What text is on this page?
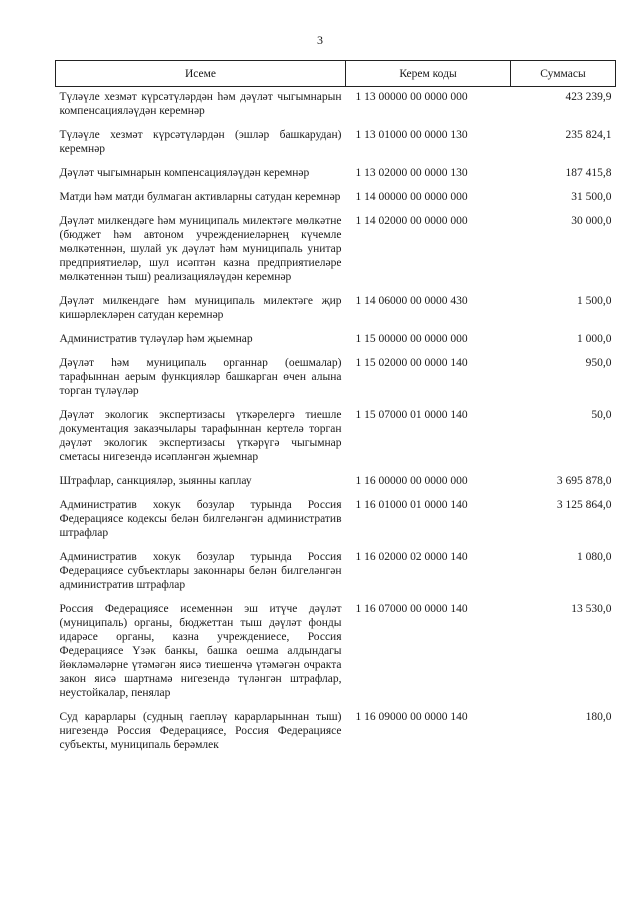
3
Исеме	Керем коды	Суммасы
Түләүле хезмәт күрсәтүләрдән һәм дәүләт чыгымнарын компенсацияләүдән керемнәр	1 13 00000 00 0000 000	423 239,9
Түләүле хезмәт күрсәтүләрдән (эшләр башкарудан) керемнәр	1 13 01000 00 0000 130	235 824,1
Дәүләт чыгымнарын компенсацияләүдән керемнәр	1 13 02000 00 0000 130	187 415,8
Матди һәм матди булмаган активларны сатудан керемнәр	1 14 00000 00 0000 000	31 500,0
Дәүләт милкендәге һәм муниципаль милектәге мөлкәтне (бюджет һәм автоном учреждениеләрнең күчемле мөлкәтеннән, шулай ук дәүләт һәм муниципаль унитар предприятиеләр, шул исәптән казна предприятиеләре мөлкәтеннән тыш) реализацияләүдән керемнәр	1 14 02000 00 0000 000	30 000,0
Дәүләт милкендәге һәм муниципаль милектәге җир кишәрлекләрен сатудан керемнәр	1 14 06000 00 0000 430	1 500,0
Административ түләүләр һәм җыемнар	1 15 00000 00 0000 000	1 000,0
Дәүләт һәм муниципаль органнар (оешмалар) тарафыннан аерым функцияләр башкарган өчен алына торган түләүләр	1 15 02000 00 0000 140	950,0
Дәүләт экологик экспертизасы үткәрелергә тиешле документация заказчылары тарафыннан кертелә торган дәүләт экологик экспертизасы үткәрүгә чыгымнар сметасы нигезендә исәпләнгән җыемнар	1 15 07000 01 0000 140	50,0
Штрафлар, санкцияләр, зыянны каплау	1 16 00000 00 0000 000	3 695 878,0
Административ хокук бозулар турында Россия Федерациясе кодексы белән билгеләнгән административ штрафлар	1 16 01000 01 0000 140	3 125 864,0
Административ хокук бозулар турында Россия Федерациясе субъектлары законнары белән билгеләнгән административ штрафлар	1 16 02000 02 0000 140	1 080,0
Россия Федерациясе исеменнән эш итүче дәүләт (муниципаль) органы, бюджеттан тыш дәүләт фонды идарәсе органы, казна учреждениесе, Россия Федерациясе Үзәк банкы, башка оешма алдындагы йөкләмәләрне үтәмәгән яисә тиешенчә үтәмәгән очракта закон яисә шартнамә нигезендә түләнгән штрафлар, неустойкалар, пенялар	1 16 07000 00 0000 140	13 530,0
Суд карарлары (судның гаепләү карарларыннан тыш) нигезендә Россия Федерациясе, Россия Федерациясе субъекты, муниципаль берәмлек	1 16 09000 00 0000 140	180,0
